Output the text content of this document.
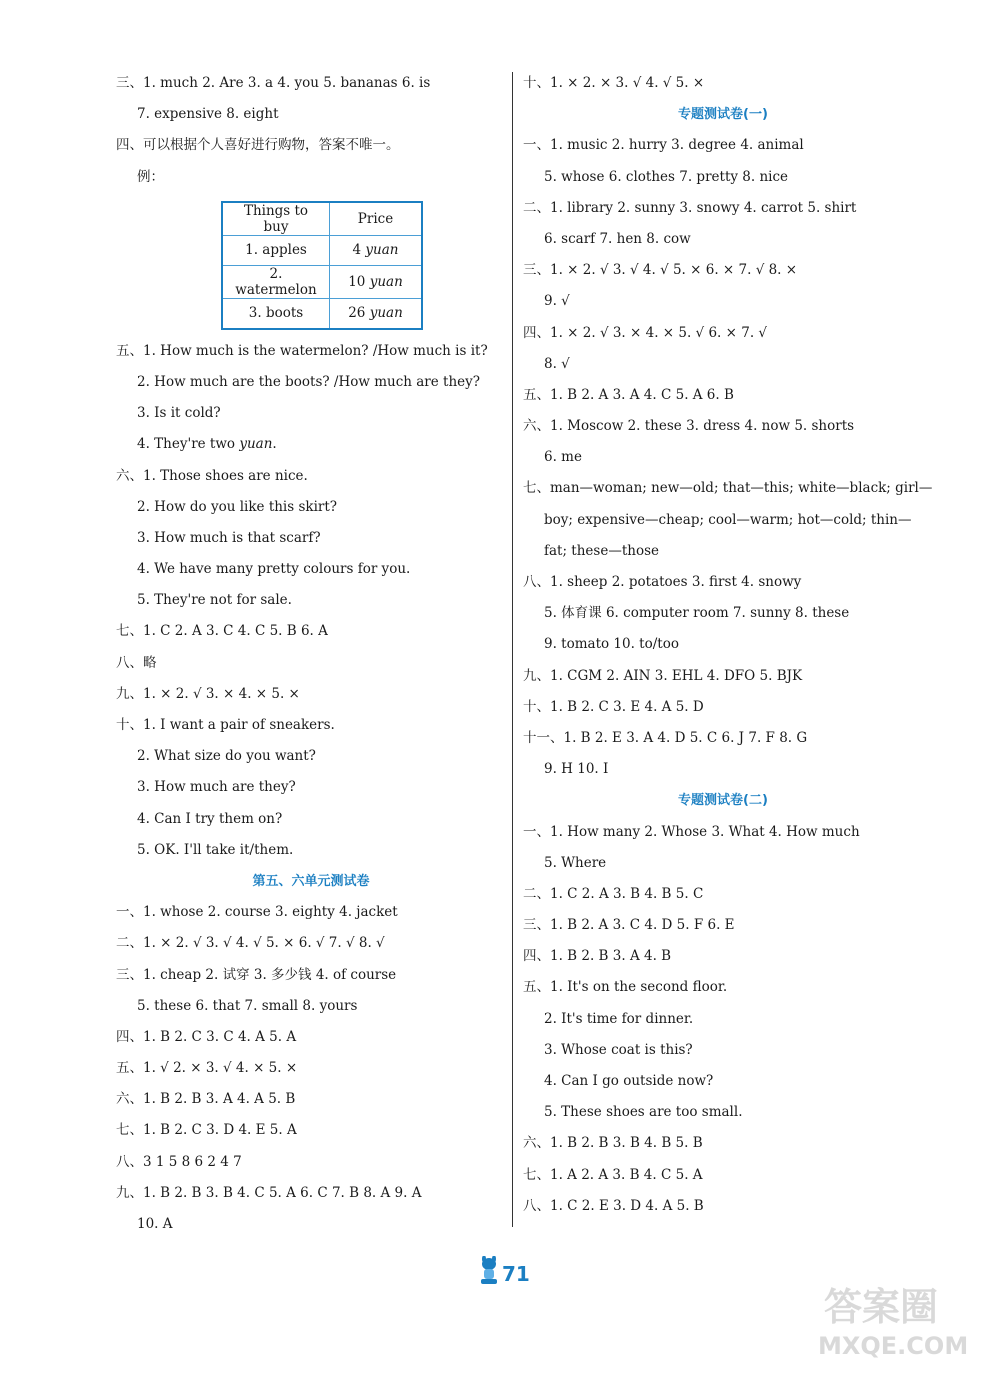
三、1. much 2. Are 3. a 4. you 5. bananas 6. is
7. expensive 8. eight
四、可以根据个人喜好进行购物，答案不唯一。
例：
Things to buy	Price
1. apples	4 yuan
2. watermelon	10 yuan
3. boots	26 yuan
五、1. How much is the watermelon? /How much is it?
2. How much are the boots? /How much are they?
3. Is it cold?
4. They're two yuan.
六、1. Those shoes are nice.
2. How do you like this skirt?
3. How much is that scarf?
4. We have many pretty colours for you.
5. They're not for sale.
七、1. C 2. A 3. C 4. C 5. B 6. A
八、略
九、1. × 2. √ 3. × 4. × 5. ×
十、1. I want a pair of sneakers.
2. What size do you want?
3. How much are they?
4. Can I try them on?
5. OK. I'll take it/them.
第五、六单元测试卷
一、1. whose 2. course 3. eighty 4. jacket
二、1. × 2. √ 3. √ 4. √ 5. × 6. √ 7. √ 8. √
三、1. cheap 2. 试穿 3. 多少钱 4. of course
5. these 6. that 7. small 8. yours
四、1. B 2. C 3. C 4. A 5. A
五、1. √ 2. × 3. √ 4. × 5. ×
六、1. B 2. B 3. A 4. A 5. B
七、1. B 2. C 3. D 4. E 5. A
八、3 1 5 8 6 2 4 7
九、1. B 2. B 3. B 4. C 5. A 6. C 7. B 8. A 9. A
10. A
十、1. × 2. × 3. √ 4. √ 5. ×
专题测试卷(一)
一、1. music 2. hurry 3. degree 4. animal
5. whose 6. clothes 7. pretty 8. nice
二、1. library 2. sunny 3. snowy 4. carrot 5. shirt
6. scarf 7. hen 8. cow
三、1. × 2. √ 3. √ 4. √ 5. × 6. × 7. √ 8. ×
9. √
四、1. × 2. √ 3. × 4. × 5. √ 6. × 7. √
8. √
五、1. B 2. A 3. A 4. C 5. A 6. B
六、1. Moscow 2. these 3. dress 4. now 5. shorts
6. me
七、man—woman; new—old; that—this; white—black; girl—
boy; expensive—cheap; cool—warm; hot—cold; thin—
fat; these—those
八、1. sheep 2. potatoes 3. first 4. snowy
5. 体育课 6. computer room 7. sunny 8. these
9. tomato 10. to/too
九、1. CGM 2. AIN 3. EHL 4. DFO 5. BJK
十、1. B 2. C 3. E 4. A 5. D
十一、1. B 2. E 3. A 4. D 5. C 6. J 7. F 8. G
9. H 10. I
专题测试卷(二)
一、1. How many 2. Whose 3. What 4. How much
5. Where
二、1. C 2. A 3. B 4. B 5. C
三、1. B 2. A 3. C 4. D 5. F 6. E
四、1. B 2. B 3. A 4. B
五、1. It's on the second floor.
2. It's time for dinner.
3. Whose coat is this?
4. Can I go outside now?
5. These shoes are too small.
六、1. B 2. B 3. B 4. B 5. B
七、1. A 2. A 3. B 4. C 5. A
八、1. C 2. E 3. D 4. A 5. B
71
答案圈
MXQE.COM
